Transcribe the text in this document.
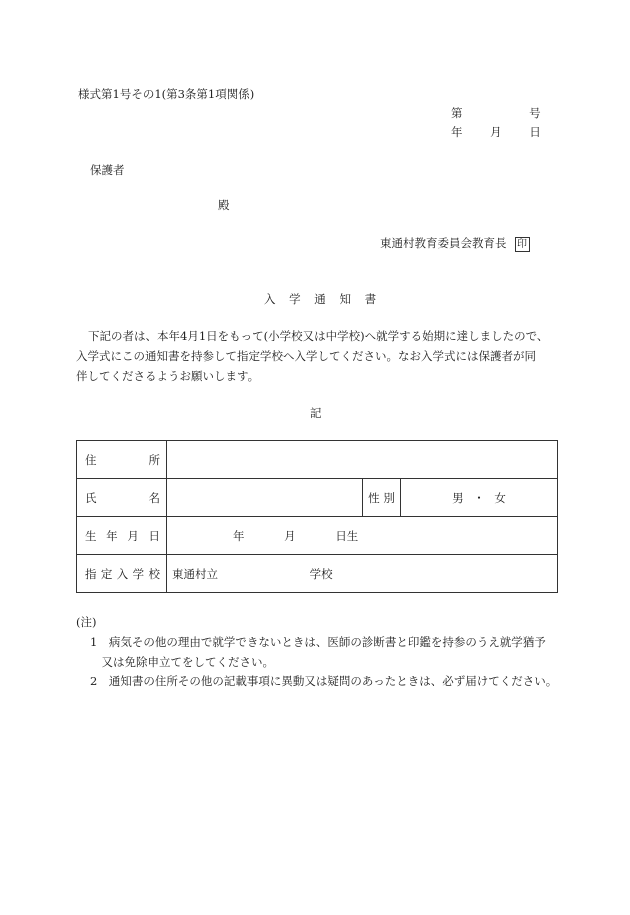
様式第1号その1(第3条第1項関係)
第	号
年 月 日
保護者
殿
東通村教育委員会教育長 印
入 学 通 知 書
下記の者は、本年4月1日をもって(小学校又は中学校)へ就学する始期に達しましたので、
入学式にこの通知書を持参して指定学校へ入学してください。なお入学式には保護者が同
伴してくださるようお願いします。
記
住 所			

氏 名		性 別	男 ・ 女

生 年 月 日	年 月 日生		

指 定 入 学 校	東通村立 学校		
(注)
1　病気その他の理由で就学できないときは、医師の診断書と印鑑を持参のうえ就学猶予
　又は免除申立てをしてください。
2　通知書の住所その他の記載事項に異動又は疑問のあったときは、必ず届けてください。
